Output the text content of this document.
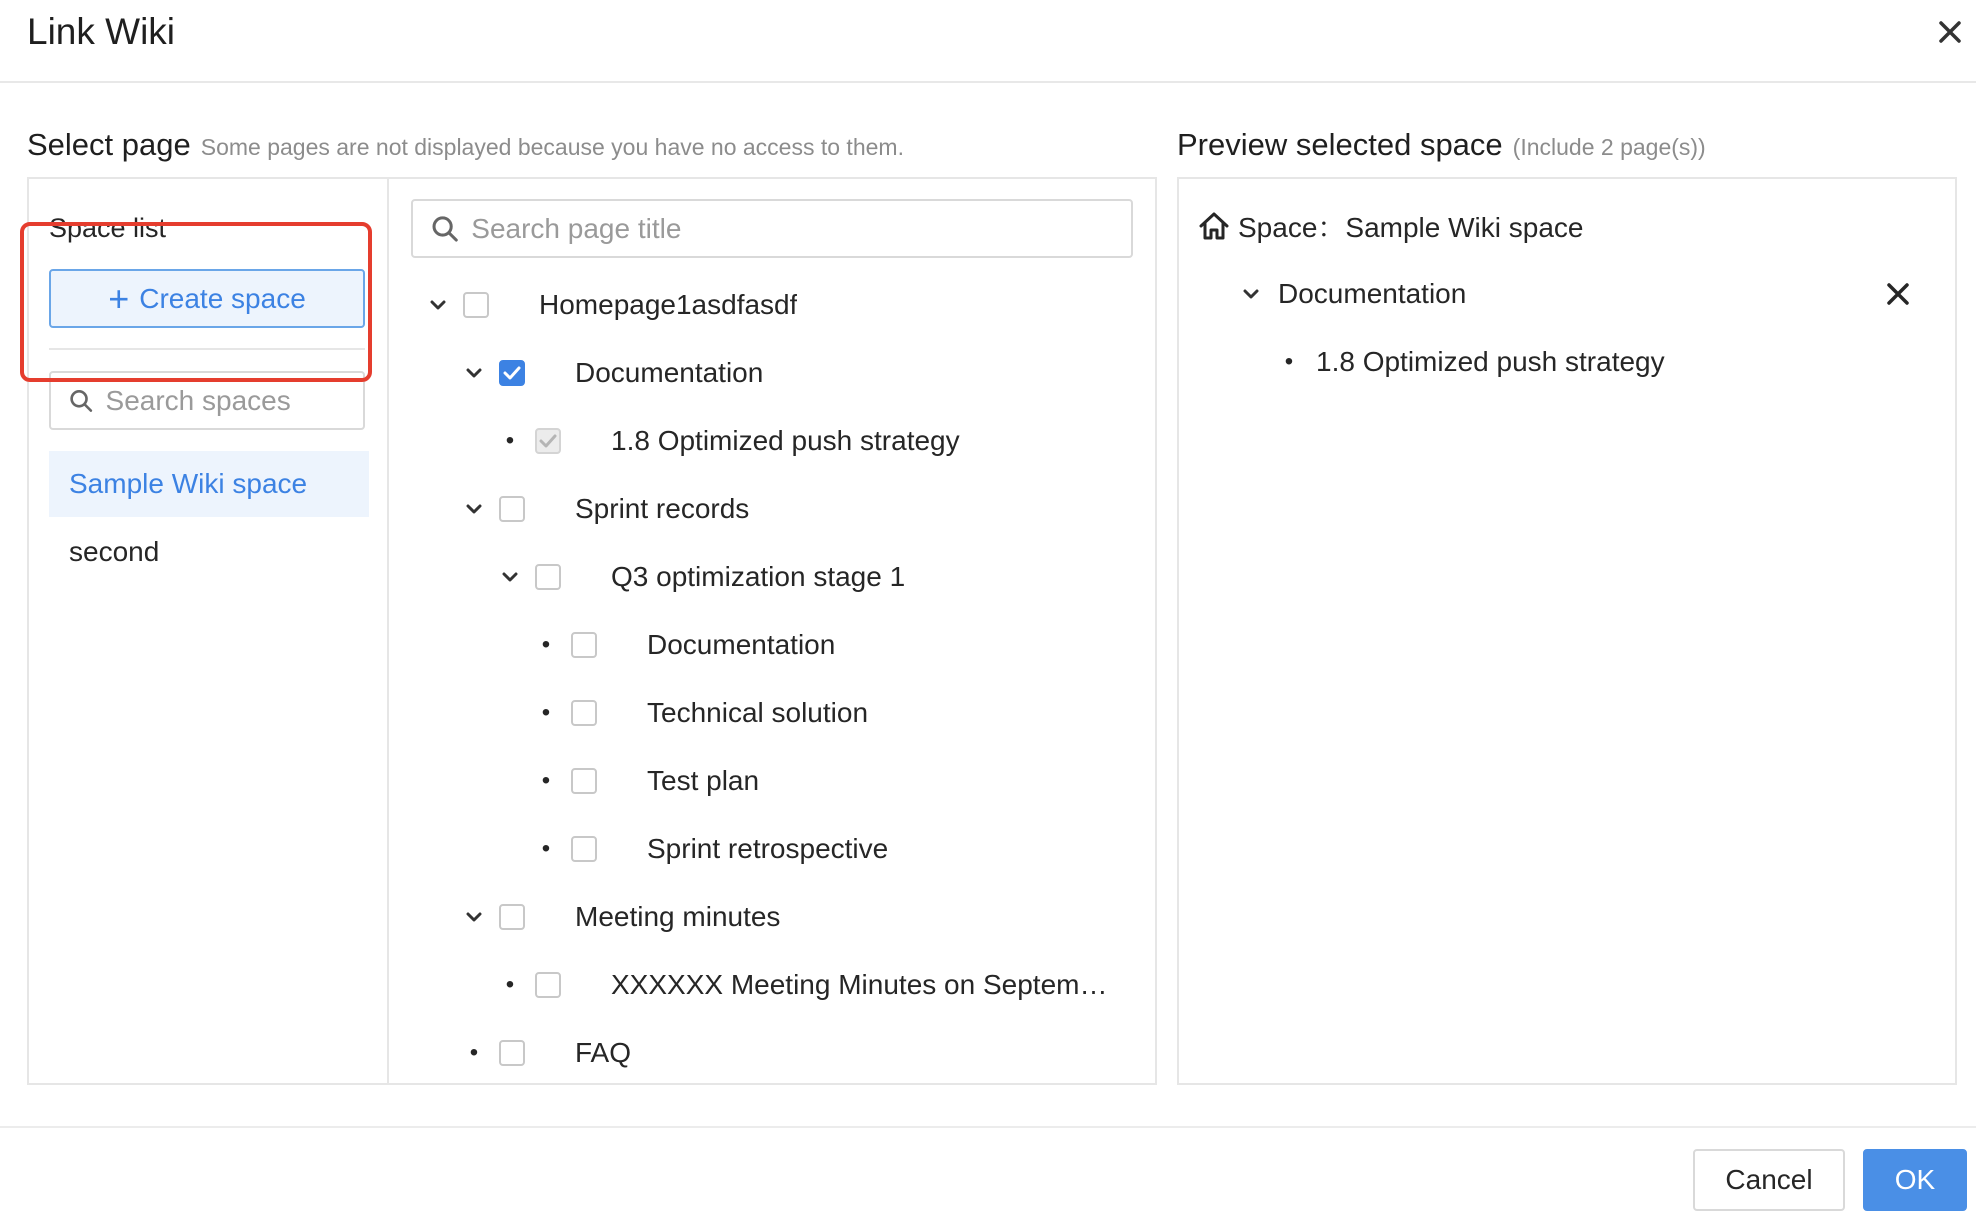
Link Wiki
Select page Some pages are not displayed because you have no access to them.	Preview selected space (Include 2 page(s))
Space list
+ Create space
Search spaces
Sample Wiki space
second
Search page title
Homepage1asdfasdf
Documentation
•	1.8 Optimized push strategy
Sprint records
Q3 optimization stage 1
•	Documentation
•	Technical solution
•	Test plan
•	Sprint retrospective
Meeting minutes
•	XXXXXX Meeting Minutes on Septem…
•	FAQ
Space：Sample Wiki space
Documentation
• 1.8 Optimized push strategy
Cancel	OK
